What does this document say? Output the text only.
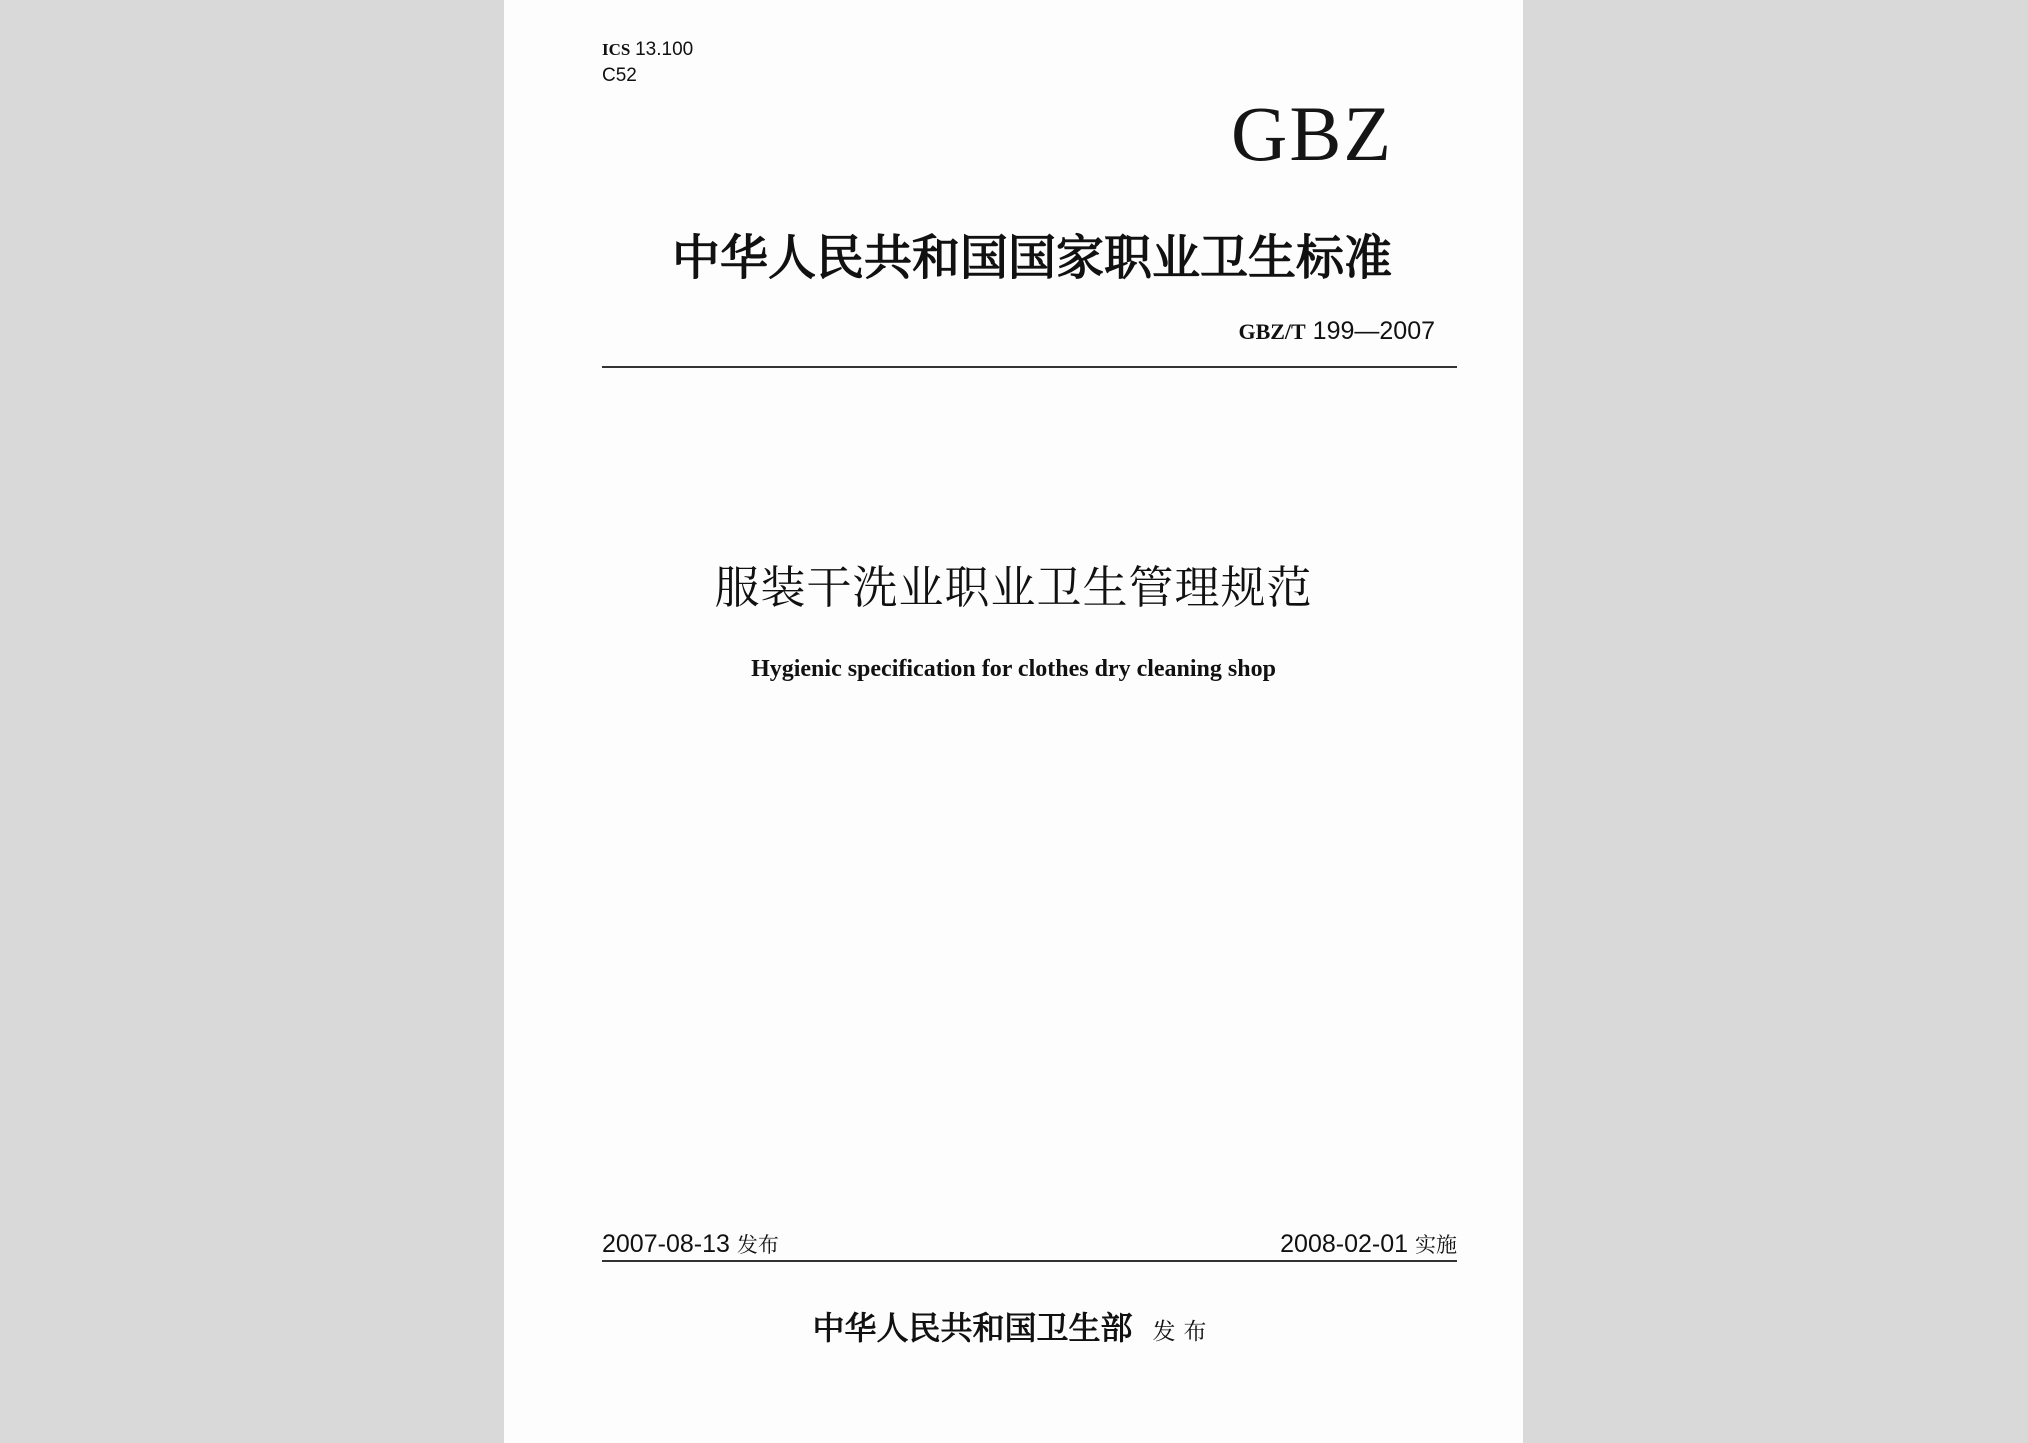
ICS 13.100

C52

GBZ

中华人民共和国国家职业卫生标准

GBZ/T 199—2007

服装干洗业职业卫生管理规范

Hygienic specification for clothes dry cleaning shop

2007-08-13 发布	2008-02-01 实施

中华人民共和国卫生部 发布
